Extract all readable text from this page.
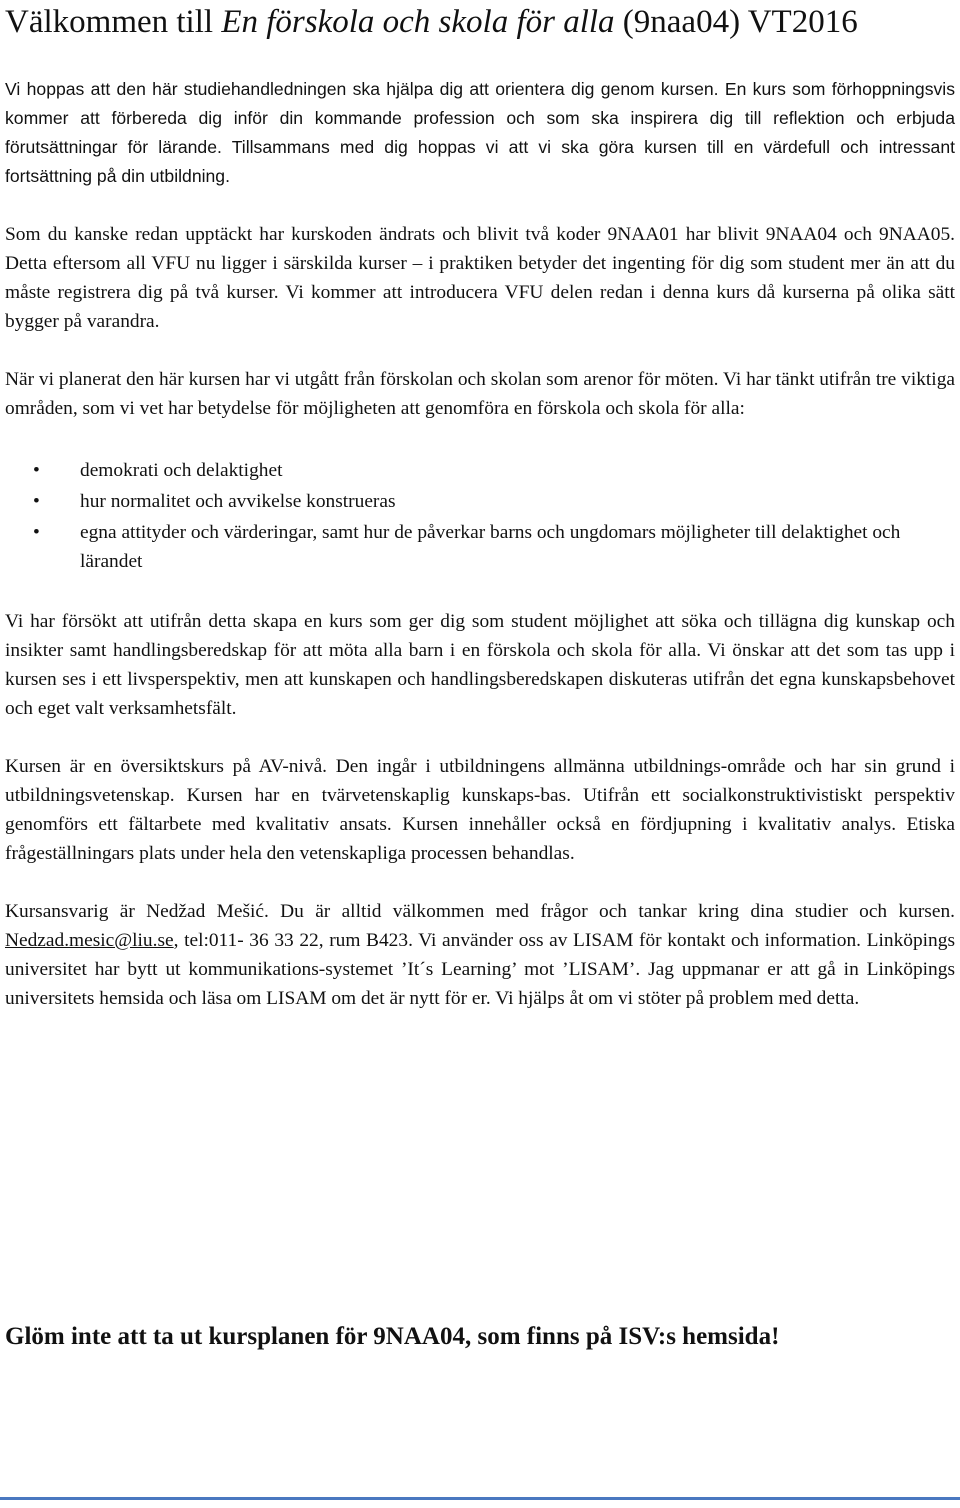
Välkommen till En förskola och skola för alla (9naa04) VT2016

Vi hoppas att den här studiehandledningen ska hjälpa dig att orientera dig genom kursen. En kurs som förhoppningsvis kommer att förbereda dig inför din kommande profession och som ska inspirera dig till reflektion och erbjuda förutsättningar för lärande. Tillsammans med dig hoppas vi att vi ska göra kursen till en värdefull och intressant fortsättning på din utbildning.

Som du kanske redan upptäckt har kurskoden ändrats och blivit två koder 9NAA01 har blivit 9NAA04 och 9NAA05. Detta eftersom all VFU nu ligger i särskilda kurser – i praktiken betyder det ingenting för dig som student mer än att du måste registrera dig på två kurser. Vi kommer att introducera VFU delen redan i denna kurs då kurserna på olika sätt bygger på varandra.

När vi planerat den här kursen har vi utgått från förskolan och skolan som arenor för möten. Vi har tänkt utifrån tre viktiga områden, som vi vet har betydelse för möjligheten att genomföra en förskola och skola för alla:

• demokrati och delaktighet
• hur normalitet och avvikelse konstrueras
• egna attityder och värderingar, samt hur de påverkar barns och ungdomars möjligheter till delaktighet och lärandet

Vi har försökt att utifrån detta skapa en kurs som ger dig som student möjlighet att söka och tillägna dig kunskap och insikter samt handlingsberedskap för att möta alla barn i en förskola och skola för alla. Vi önskar att det som tas upp i kursen ses i ett livsperspektiv, men att kunskapen och handlingsberedskapen diskuteras utifrån det egna kunskapsbehovet och eget valt verksamhetsfält.

Kursen är en översiktskurs på AV-nivå. Den ingår i utbildningens allmänna utbildnings-område och har sin grund i utbildningsvetenskap. Kursen har en tvärvetenskaplig kunskaps-bas. Utifrån ett socialkonstruktivistiskt perspektiv genomförs ett fältarbete med kvalitativ ansats. Kursen innehåller också en fördjupning i kvalitativ analys. Etiska frågeställningars plats under hela den vetenskapliga processen behandlas.

Kursansvarig är Nedžad Mešić. Du är alltid välkommen med frågor och tankar kring dina studier och kursen. Nedzad.mesic@liu.se, tel:011- 36 33 22, rum B423. Vi använder oss av LISAM för kontakt och information. Linköpings universitet har bytt ut kommunikations-systemet ’It´s Learning’ mot ’LISAM’. Jag uppmanar er att gå in Linköpings universitets hemsida och läsa om LISAM om det är nytt för er. Vi hjälps åt om vi stöter på problem med detta.

Glöm inte att ta ut kursplanen för 9NAA04, som finns på ISV:s hemsida!
